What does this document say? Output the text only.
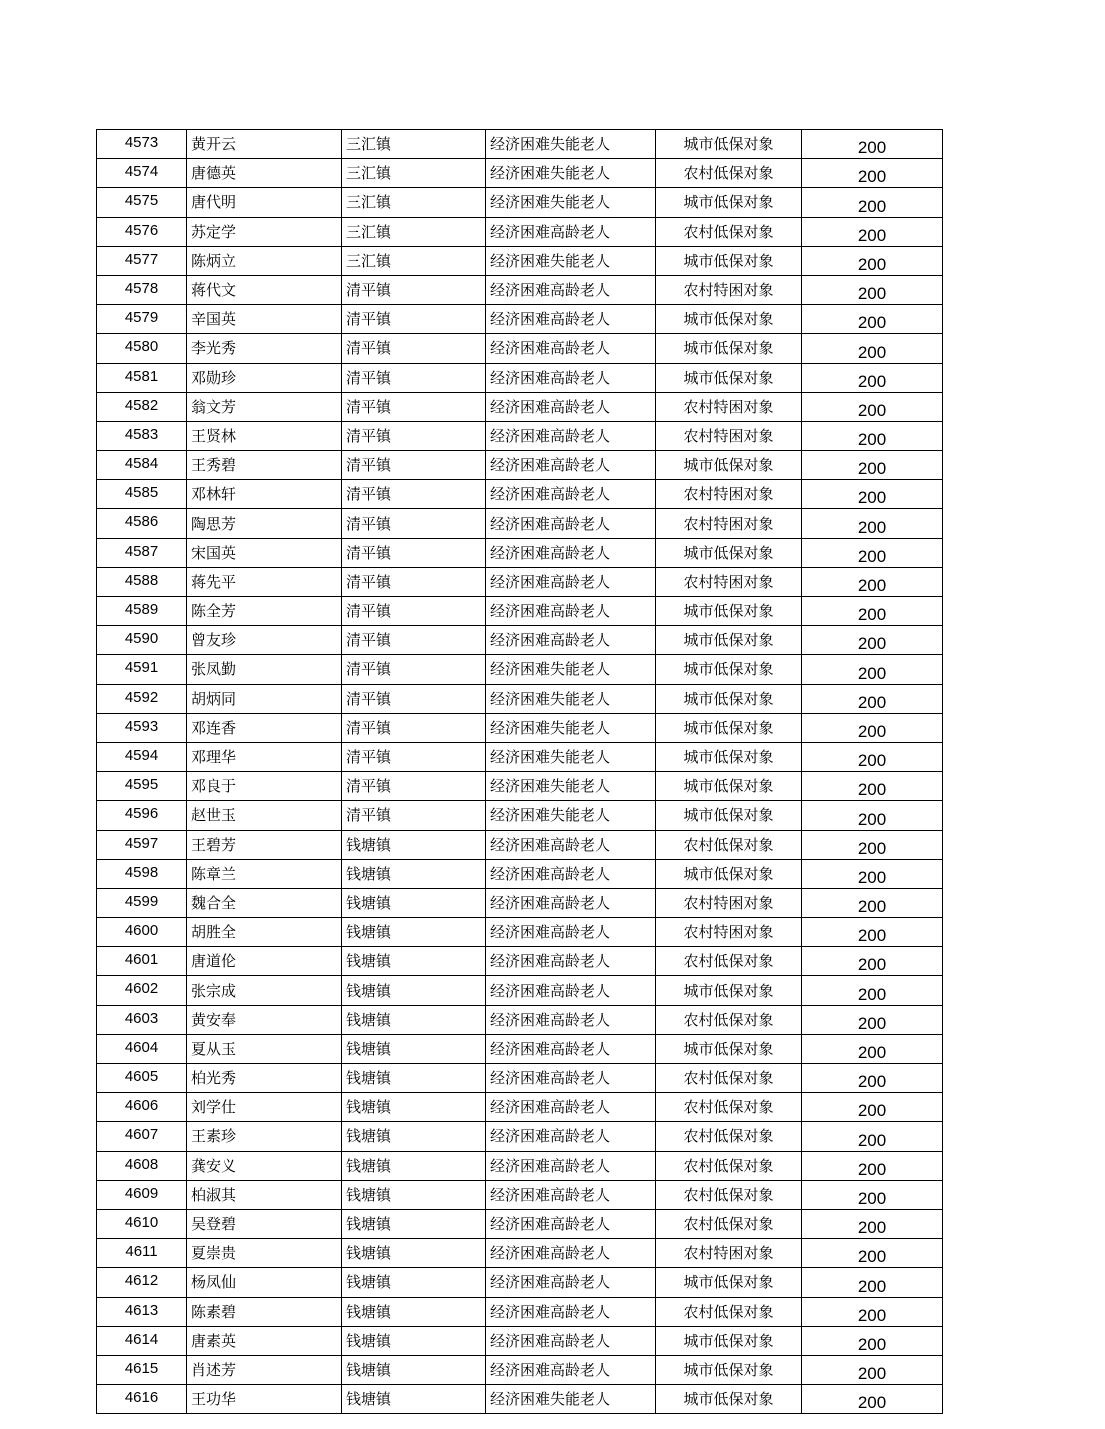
4573	黄开云	三汇镇	经济困难失能老人	城市低保对象	200
4574	唐德英	三汇镇	经济困难失能老人	农村低保对象	200
4575	唐代明	三汇镇	经济困难失能老人	城市低保对象	200
4576	苏定学	三汇镇	经济困难高龄老人	农村低保对象	200
4577	陈炳立	三汇镇	经济困难失能老人	城市低保对象	200
4578	蒋代文	清平镇	经济困难高龄老人	农村特困对象	200
4579	辛国英	清平镇	经济困难高龄老人	城市低保对象	200
4580	李光秀	清平镇	经济困难高龄老人	城市低保对象	200
4581	邓勋珍	清平镇	经济困难高龄老人	城市低保对象	200
4582	翁文芳	清平镇	经济困难高龄老人	农村特困对象	200
4583	王贤林	清平镇	经济困难高龄老人	农村特困对象	200
4584	王秀碧	清平镇	经济困难高龄老人	城市低保对象	200
4585	邓林轩	清平镇	经济困难高龄老人	农村特困对象	200
4586	陶思芳	清平镇	经济困难高龄老人	农村特困对象	200
4587	宋国英	清平镇	经济困难高龄老人	城市低保对象	200
4588	蒋先平	清平镇	经济困难高龄老人	农村特困对象	200
4589	陈全芳	清平镇	经济困难高龄老人	城市低保对象	200
4590	曾友珍	清平镇	经济困难高龄老人	城市低保对象	200
4591	张凤勤	清平镇	经济困难失能老人	城市低保对象	200
4592	胡炳同	清平镇	经济困难失能老人	城市低保对象	200
4593	邓连香	清平镇	经济困难失能老人	城市低保对象	200
4594	邓理华	清平镇	经济困难失能老人	城市低保对象	200
4595	邓良于	清平镇	经济困难失能老人	城市低保对象	200
4596	赵世玉	清平镇	经济困难失能老人	城市低保对象	200
4597	王碧芳	钱塘镇	经济困难高龄老人	农村低保对象	200
4598	陈章兰	钱塘镇	经济困难高龄老人	城市低保对象	200
4599	魏合全	钱塘镇	经济困难高龄老人	农村特困对象	200
4600	胡胜全	钱塘镇	经济困难高龄老人	农村特困对象	200
4601	唐道伦	钱塘镇	经济困难高龄老人	农村低保对象	200
4602	张宗成	钱塘镇	经济困难高龄老人	城市低保对象	200
4603	黄安奉	钱塘镇	经济困难高龄老人	农村低保对象	200
4604	夏从玉	钱塘镇	经济困难高龄老人	城市低保对象	200
4605	柏光秀	钱塘镇	经济困难高龄老人	农村低保对象	200
4606	刘学仕	钱塘镇	经济困难高龄老人	农村低保对象	200
4607	王素珍	钱塘镇	经济困难高龄老人	农村低保对象	200
4608	龚安义	钱塘镇	经济困难高龄老人	农村低保对象	200
4609	柏淑其	钱塘镇	经济困难高龄老人	农村低保对象	200
4610	吴登碧	钱塘镇	经济困难高龄老人	农村低保对象	200
4611	夏崇贵	钱塘镇	经济困难高龄老人	农村特困对象	200
4612	杨凤仙	钱塘镇	经济困难高龄老人	城市低保对象	200
4613	陈素碧	钱塘镇	经济困难高龄老人	农村低保对象	200
4614	唐素英	钱塘镇	经济困难高龄老人	城市低保对象	200
4615	肖述芳	钱塘镇	经济困难高龄老人	城市低保对象	200
4616	王功华	钱塘镇	经济困难失能老人	城市低保对象	200
